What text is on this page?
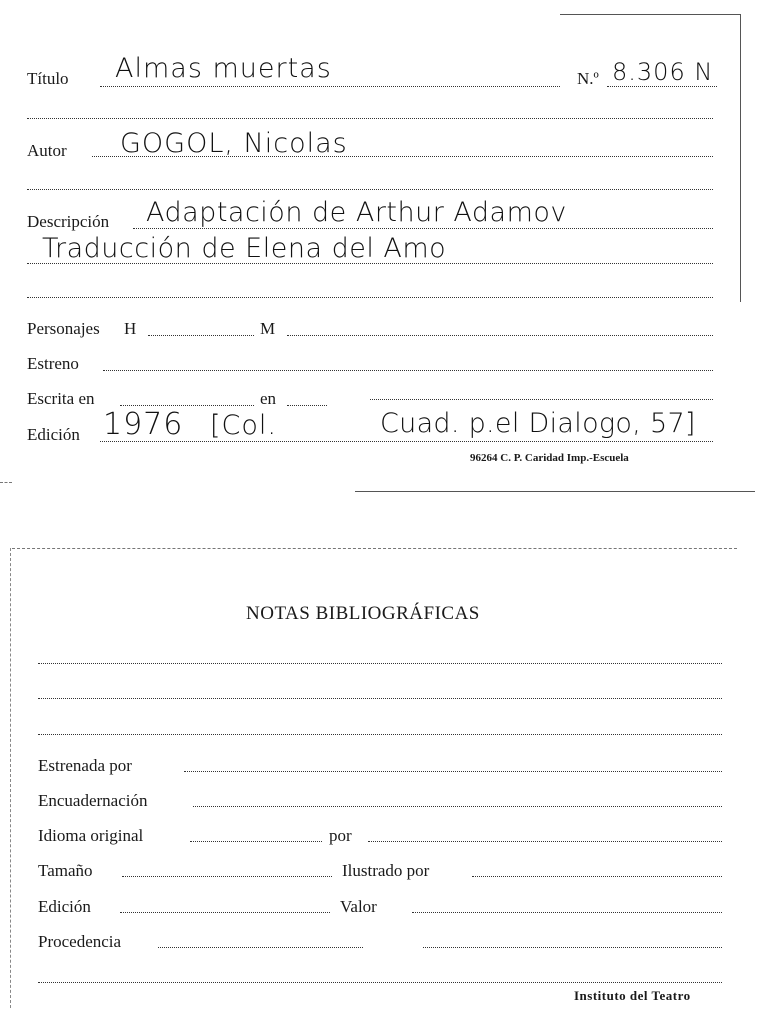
Título Almas muertas	N.º 8.306 N
Autor GOGOL, Nicolas
Descripción Adaptación de Arthur Adamov
Traducción de Elena del Amo
Personajes H	M
Estreno
Escrita en	en
Edición 1976 [Col.	Cuad. p.el Dialogo, 57]
96264 C. P. Caridad Imp.-Escuela
NOTAS BIBLIOGRÁFICAS
Estrenada por
Encuadernación
Idioma original	por
Tamaño	Ilustrado por
Edición	Valor
Procedencia
Instituto del Teatro
